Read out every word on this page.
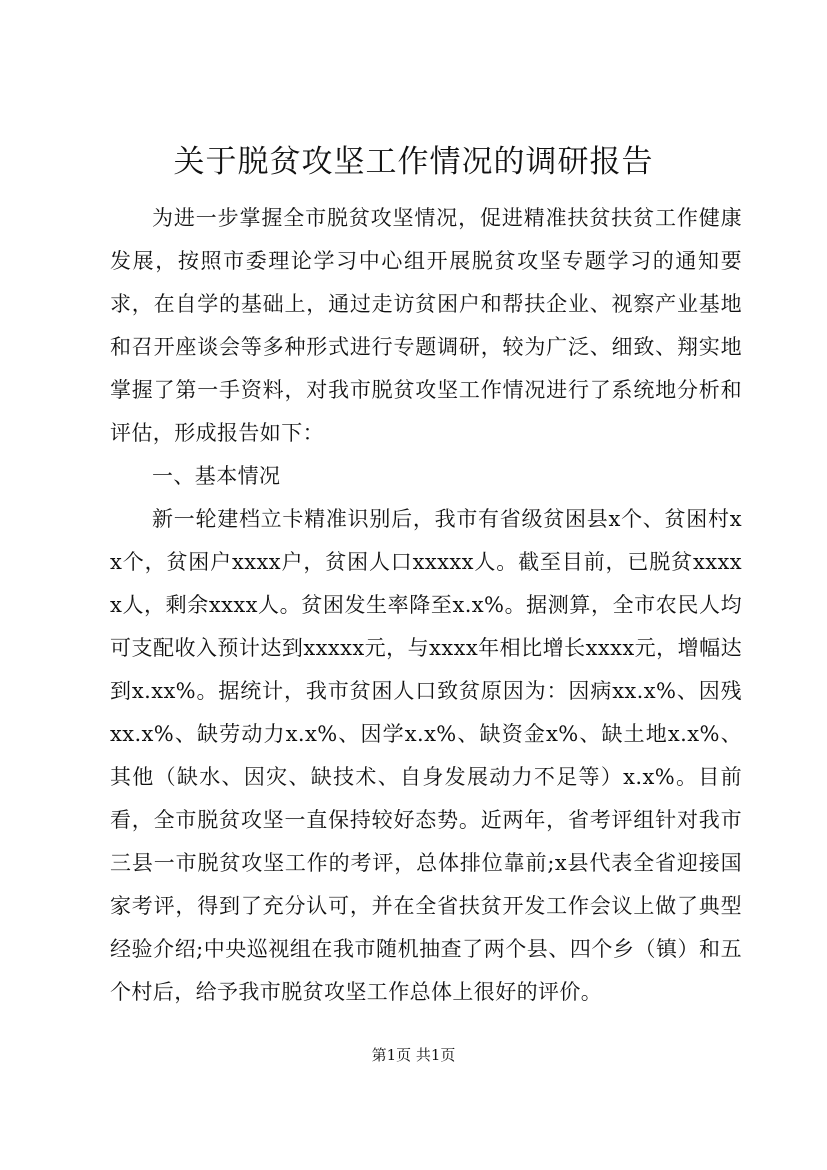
关于脱贫攻坚工作情况的调研报告

为进一步掌握全市脱贫攻坚情况，促进精准扶贫扶贫工作健康发展，按照市委理论学习中心组开展脱贫攻坚专题学习的通知要求，在自学的基础上，通过走访贫困户和帮扶企业、视察产业基地和召开座谈会等多种形式进行专题调研，较为广泛、细致、翔实地掌握了第一手资料，对我市脱贫攻坚工作情况进行了系统地分析和评估，形成报告如下：

一、基本情况

新一轮建档立卡精准识别后，我市有省级贫困县x个、贫困村xx个，贫困户xxxx户，贫困人口xxxxx人。截至目前，已脱贫xxxxx人，剩余xxxx人。贫困发生率降至x.x%。据测算，全市农民人均可支配收入预计达到xxxxx元，与xxxx年相比增长xxxx元，增幅达到x.xx%。据统计，我市贫困人口致贫原因为：因病xx.x%、因残xx.x%、缺劳动力x.x%、因学x.x%、缺资金x%、缺土地x.x%、其他（缺水、因灾、缺技术、自身发展动力不足等）x.x%。目前看，全市脱贫攻坚一直保持较好态势。近两年，省考评组针对我市三县一市脱贫攻坚工作的考评，总体排位靠前;x县代表全省迎接国家考评，得到了充分认可，并在全省扶贫开发工作会议上做了典型经验介绍;中央巡视组在我市随机抽查了两个县、四个乡（镇）和五个村后，给予我市脱贫攻坚工作总体上很好的评价。

第1页 共1页
